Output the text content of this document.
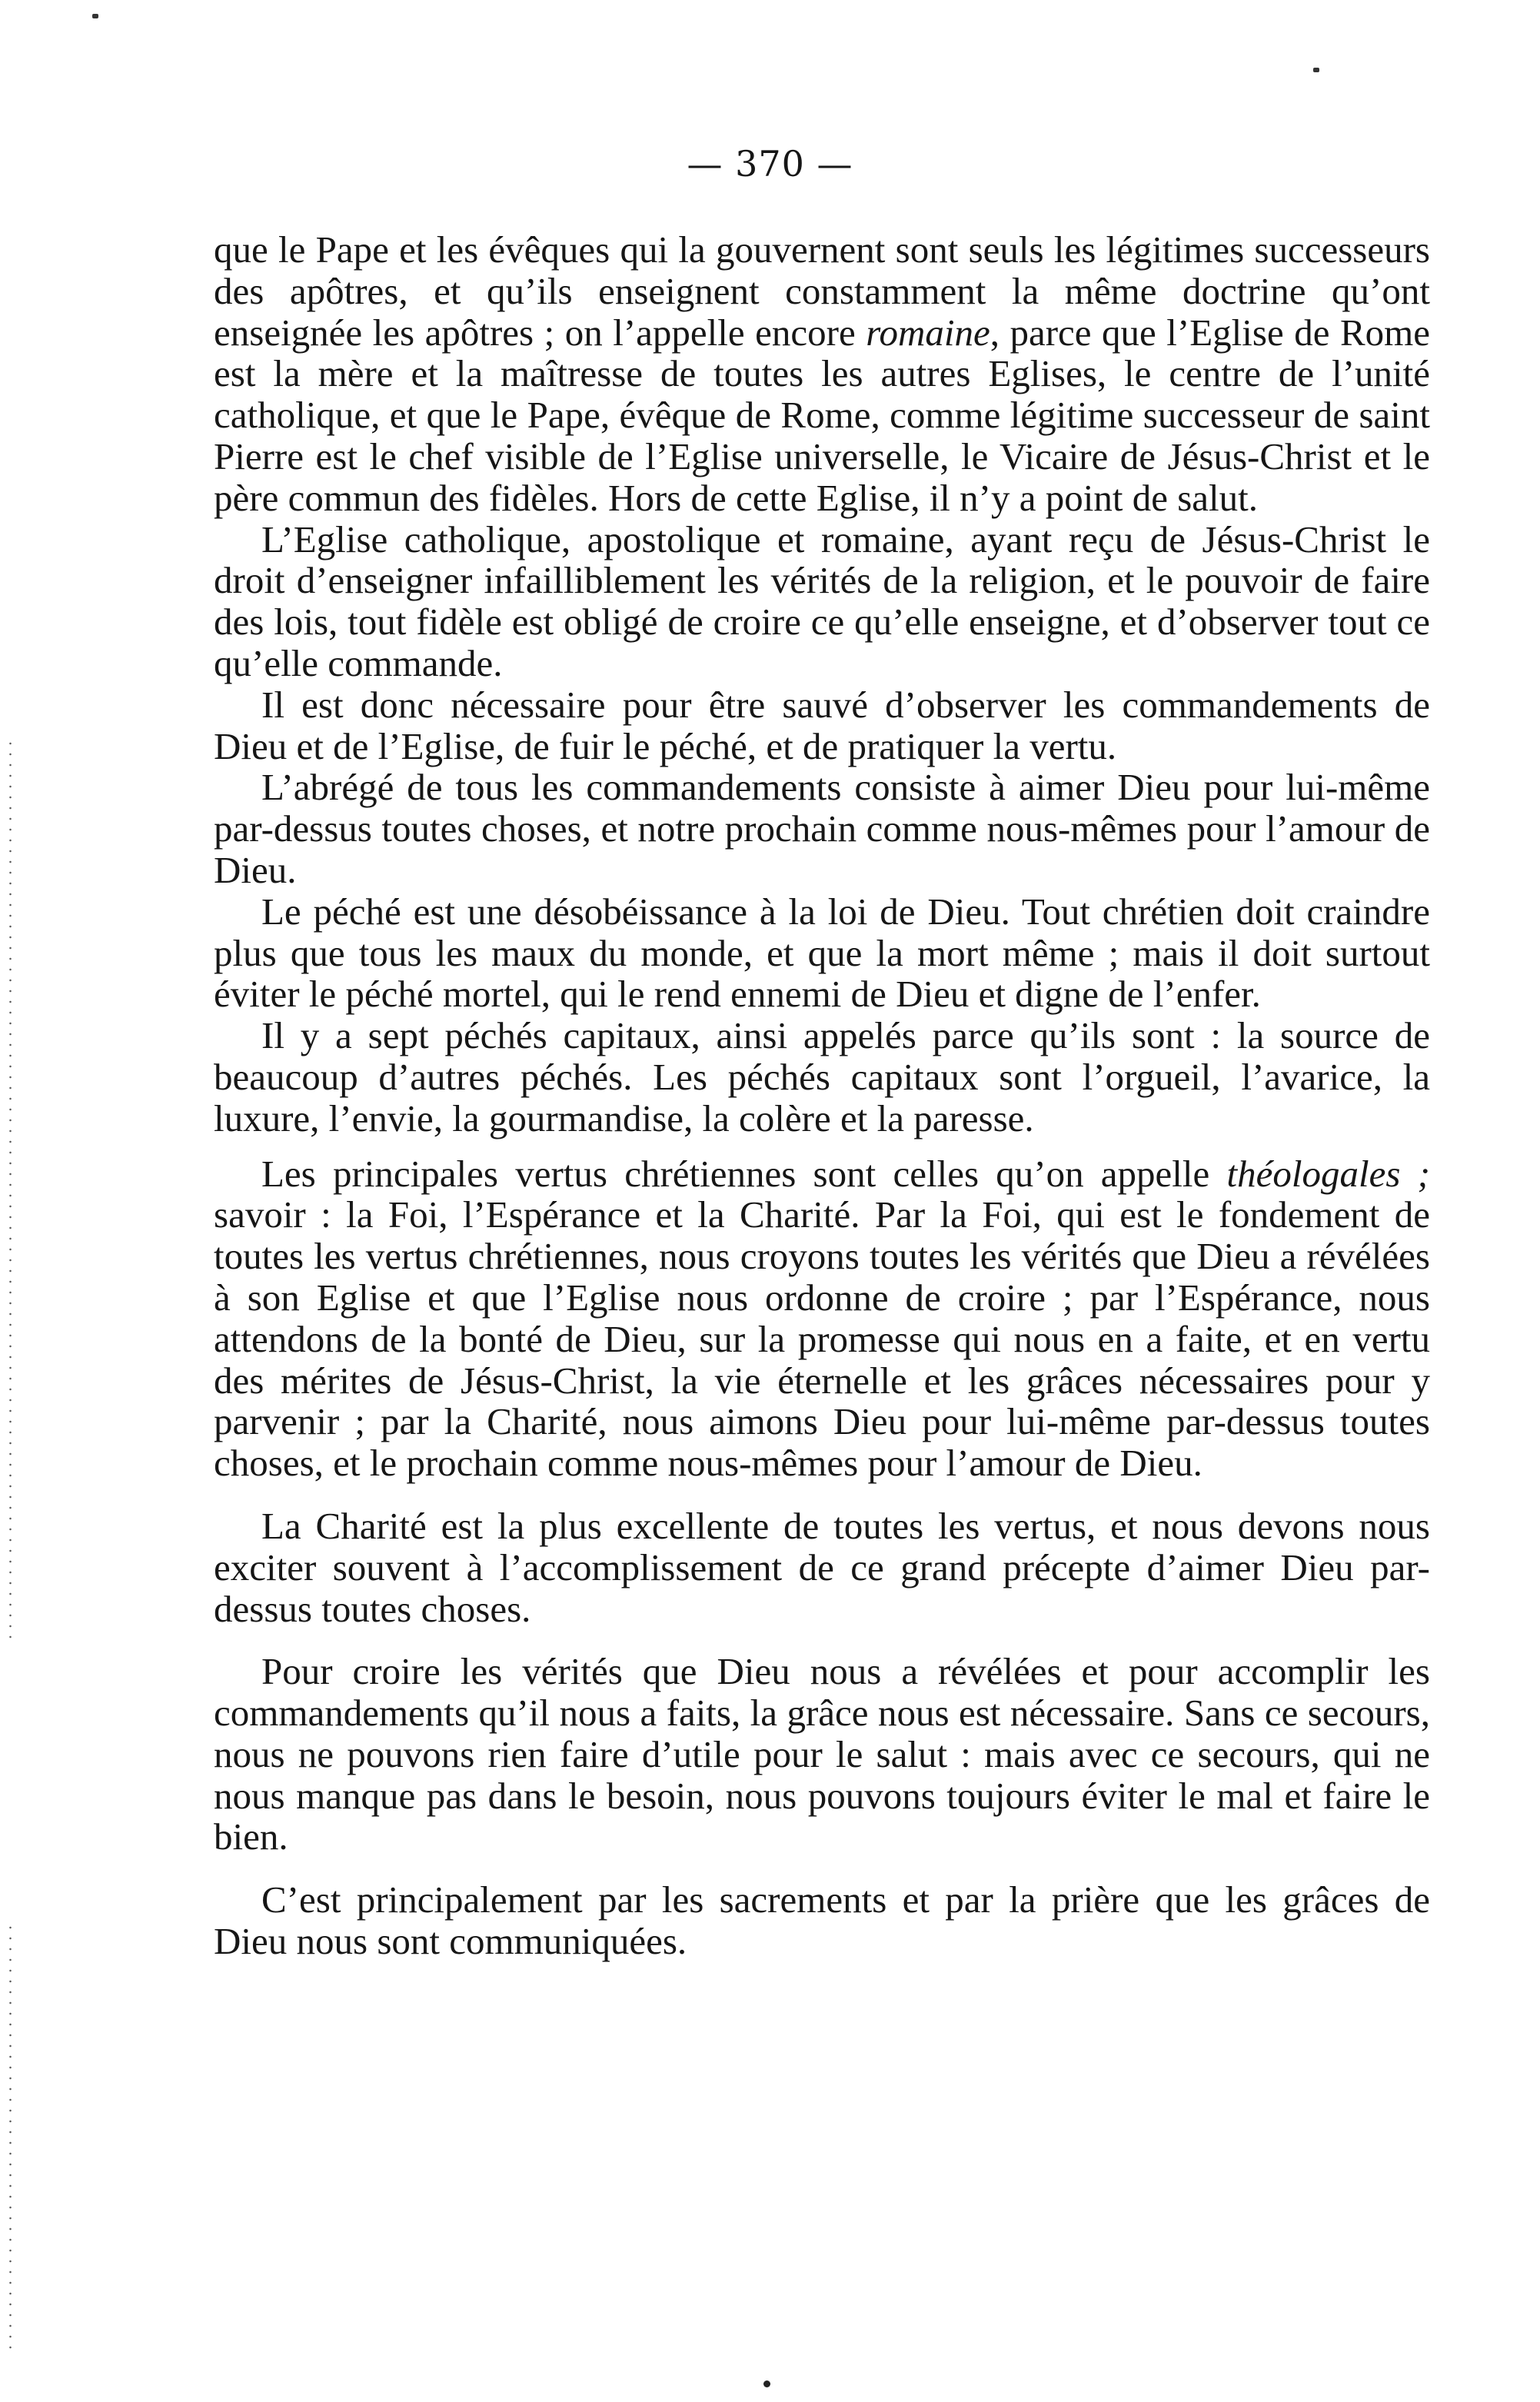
— 370 —

que le Pape et les évêques qui la gouvernent sont seuls les légitimes successeurs des apôtres, et qu’ils enseignent constamment la même doctrine qu’ont enseignée les apôtres ; on l’appelle encore romaine, parce que l’Eglise de Rome est la mère et la maîtresse de toutes les autres Eglises, le centre de l’unité catholique, et que le Pape, évêque de Rome, comme légitime successeur de saint Pierre est le chef visible de l’Eglise universelle, le Vicaire de Jésus-Christ et le père commun des fidèles. Hors de cette Eglise, il n’y a point de salut.

L’Eglise catholique, apostolique et romaine, ayant reçu de Jésus-Christ le droit d’enseigner infailliblement les vérités de la religion, et le pouvoir de faire des lois, tout fidèle est obligé de croire ce qu’elle enseigne, et d’observer tout ce qu’elle commande.

Il est donc nécessaire pour être sauvé d’observer les commandements de Dieu et de l’Eglise, de fuir le péché, et de pratiquer la vertu.

L’abrégé de tous les commandements consiste à aimer Dieu pour lui-même par-dessus toutes choses, et notre prochain comme nous-mêmes pour l’amour de Dieu.

Le péché est une désobéissance à la loi de Dieu. Tout chrétien doit craindre plus que tous les maux du monde, et que la mort même ; mais il doit surtout éviter le péché mortel, qui le rend ennemi de Dieu et digne de l’enfer.

Il y a sept péchés capitaux, ainsi appelés parce qu’ils sont : la source de beaucoup d’autres péchés. Les péchés capitaux sont l’orgueil, l’avarice, la luxure, l’envie, la gourmandise, la colère et la paresse.

Les principales vertus chrétiennes sont celles qu’on appelle théologales ; savoir : la Foi, l’Espérance et la Charité. Par la Foi, qui est le fondement de toutes les vertus chrétiennes, nous croyons toutes les vérités que Dieu a révélées à son Eglise et que l’Eglise nous ordonne de croire ; par l’Espérance, nous attendons de la bonté de Dieu, sur la promesse qui nous en a faite, et en vertu des mérites de Jésus-Christ, la vie éternelle et les grâces nécessaires pour y parvenir ; par la Charité, nous aimons Dieu pour lui-même par-dessus toutes choses, et le prochain comme nous-mêmes pour l’amour de Dieu.

La Charité est la plus excellente de toutes les vertus, et nous devons nous exciter souvent à l’accomplissement de ce grand précepte d’aimer Dieu par-dessus toutes choses.

Pour croire les vérités que Dieu nous a révélées et pour accomplir les commandements qu’il nous a faits, la grâce nous est nécessaire. Sans ce secours, nous ne pouvons rien faire d’utile pour le salut : mais avec ce secours, qui ne nous manque pas dans le besoin, nous pouvons toujours éviter le mal et faire le bien.

C’est principalement par les sacrements et par la prière que les grâces de Dieu nous sont communiquées.
